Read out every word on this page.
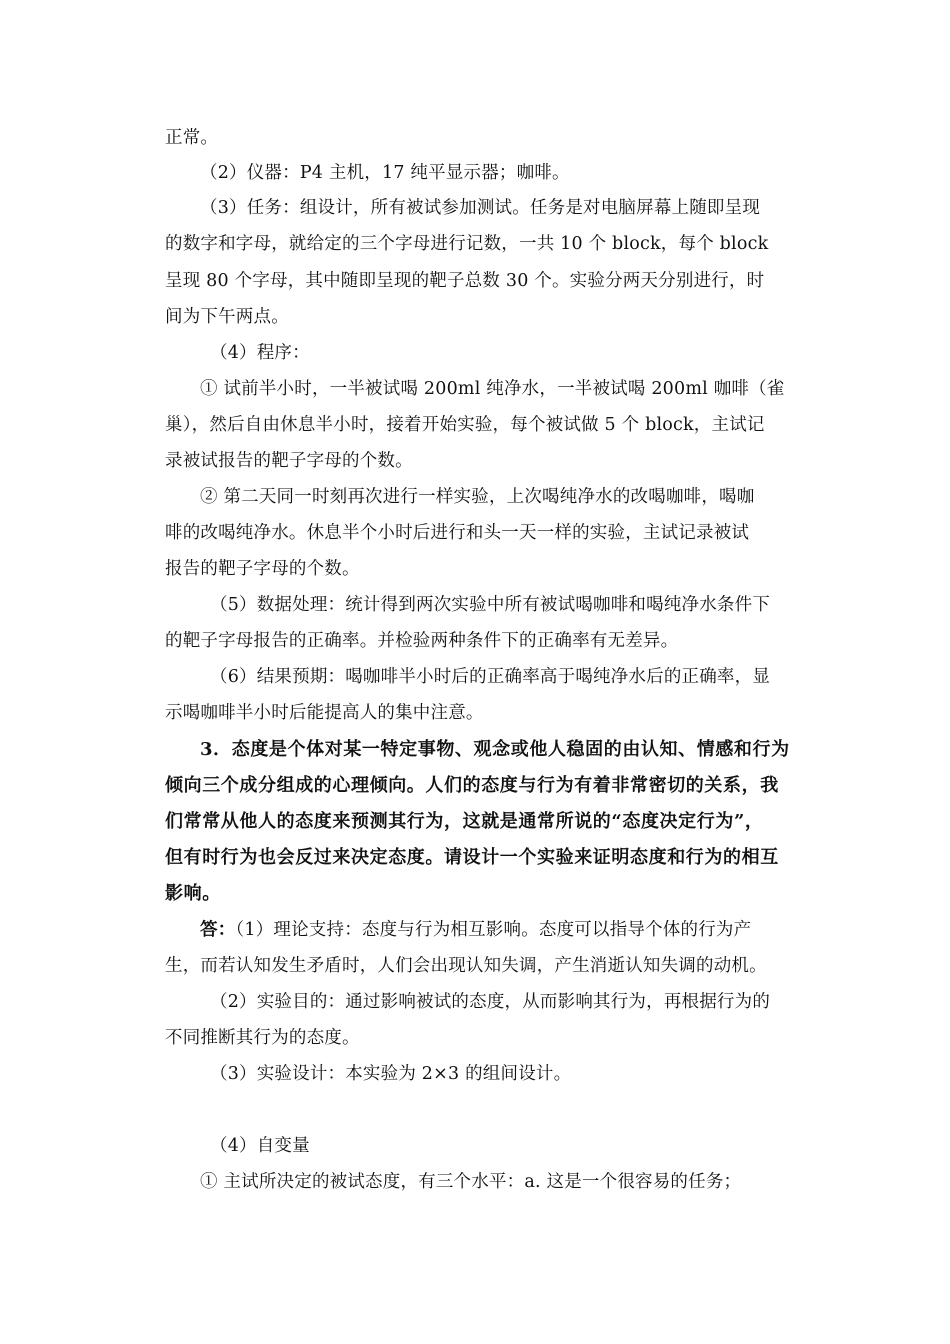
正常。
（2）仪器：P4 主机，17 纯平显示器；咖啡。
（3）任务：组设计，所有被试参加测试。任务是对电脑屏幕上随即呈现
的数字和字母，就给定的三个字母进行记数，一共 10 个 block，每个 block
呈现 80 个字母，其中随即呈现的靶子总数 30 个。实验分两天分别进行，时
间为下午两点。
（4）程序：
① 试前半小时，一半被试喝 200ml 纯净水，一半被试喝 200ml 咖啡（雀
巢），然后自由休息半小时，接着开始实验，每个被试做 5 个 block，主试记
录被试报告的靶子字母的个数。
② 第二天同一时刻再次进行一样实验，上次喝纯净水的改喝咖啡，喝咖
啡的改喝纯净水。休息半个小时后进行和头一天一样的实验，主试记录被试
报告的靶子字母的个数。
（5）数据处理：统计得到两次实验中所有被试喝咖啡和喝纯净水条件下
的靶子字母报告的正确率。并检验两种条件下的正确率有无差异。
（6）结果预期：喝咖啡半小时后的正确率高于喝纯净水后的正确率，显
示喝咖啡半小时后能提高人的集中注意。
3．态度是个体对某一特定事物、观念或他人稳固的由认知、情感和行为
倾向三个成分组成的心理倾向。人们的态度与行为有着非常密切的关系，我
们常常从他人的态度来预测其行为，这就是通常所说的“态度决定行为”，
但有时行为也会反过来决定态度。请设计一个实验来证明态度和行为的相互
影响。
答：（1）理论支持：态度与行为相互影响。态度可以指导个体的行为产
生，而若认知发生矛盾时，人们会出现认知失调，产生消逝认知失调的动机。
（2）实验目的：通过影响被试的态度，从而影响其行为，再根据行为的
不同推断其行为的态度。
（3）实验设计：本实验为 2×3 的组间设计。
（4）自变量
① 主试所决定的被试态度，有三个水平：a. 这是一个很容易的任务；
